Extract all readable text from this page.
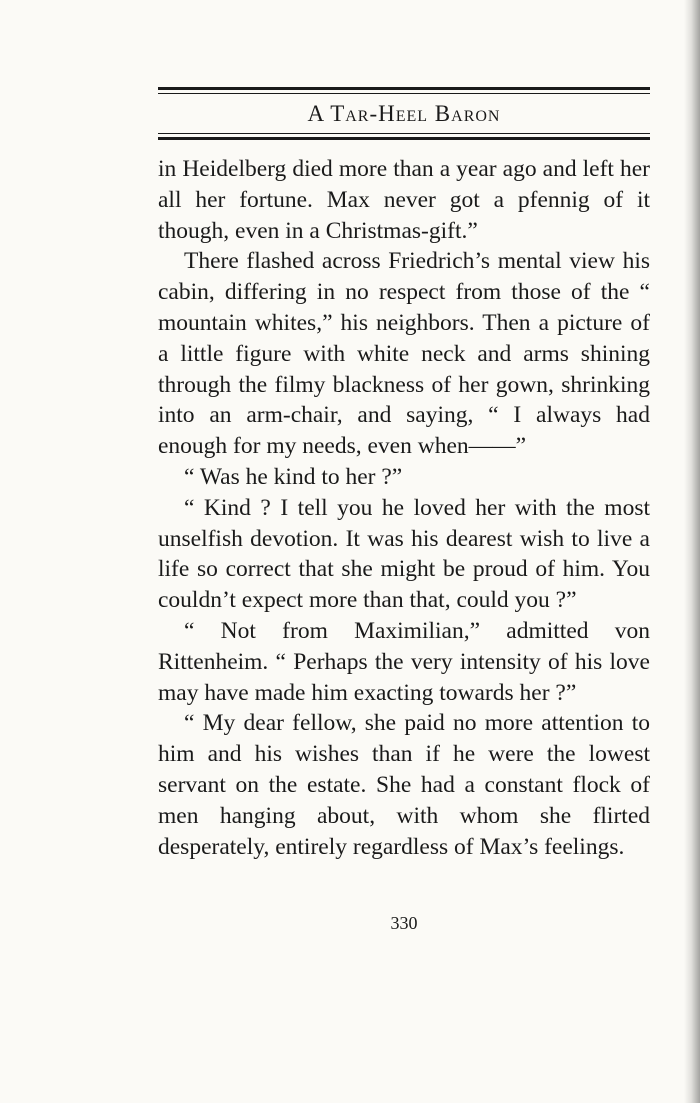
A Tar-Heel Baron

in Heidelberg died more than a year ago and left her all her fortune. Max never got a pfennig of it though, even in a Christmas-gift.”

There flashed across Friedrich’s mental view his cabin, differing in no respect from those of the “ mountain whites,” his neighbors. Then a picture of a little figure with white neck and arms shining through the filmy blackness of her gown, shrinking into an arm-chair, and saying, “ I always had enough for my needs, even when——”

“ Was he kind to her ?”

“ Kind ? I tell you he loved her with the most unselfish devotion. It was his dearest wish to live a life so correct that she might be proud of him. You couldn’t expect more than that, could you ?”

“ Not from Maximilian,” admitted von Rittenheim. “ Perhaps the very intensity of his love may have made him exacting towards her ?”

“ My dear fellow, she paid no more attention to him and his wishes than if he were the lowest servant on the estate. She had a constant flock of men hanging about, with whom she flirted desperately, entirely regardless of Max’s feelings.

330
